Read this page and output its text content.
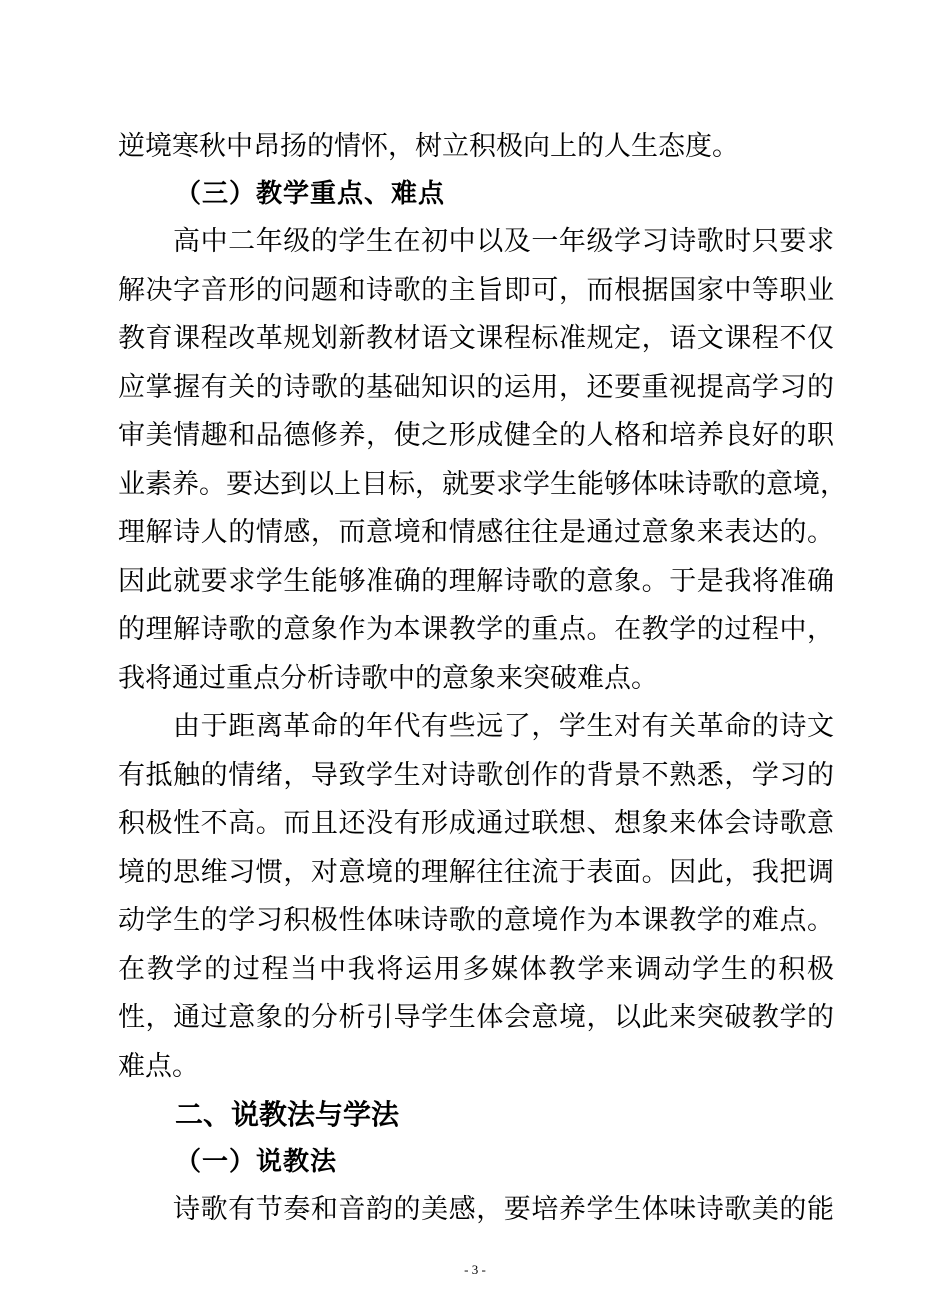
逆境寒秋中昂扬的情怀，树立积极向上的人生态度。
（三）教学重点、难点
高中二年级的学生在初中以及一年级学习诗歌时只要求
解决字音形的问题和诗歌的主旨即可，而根据国家中等职业
教育课程改革规划新教材语文课程标准规定，语文课程不仅
应掌握有关的诗歌的基础知识的运用，还要重视提高学习的
审美情趣和品德修养，使之形成健全的人格和培养良好的职
业素养。要达到以上目标，就要求学生能够体味诗歌的意境，
理解诗人的情感，而意境和情感往往是通过意象来表达的。
因此就要求学生能够准确的理解诗歌的意象。于是我将准确
的理解诗歌的意象作为本课教学的重点。在教学的过程中，
我将通过重点分析诗歌中的意象来突破难点。
由于距离革命的年代有些远了，学生对有关革命的诗文
有抵触的情绪，导致学生对诗歌创作的背景不熟悉，学习的
积极性不高。而且还没有形成通过联想、想象来体会诗歌意
境的思维习惯，对意境的理解往往流于表面。因此，我把调
动学生的学习积极性体味诗歌的意境作为本课教学的难点。
在教学的过程当中我将运用多媒体教学来调动学生的积极
性，通过意象的分析引导学生体会意境，以此来突破教学的
难点。
二、说教法与学法
（一）说教法
诗歌有节奏和音韵的美感，要培养学生体味诗歌美的能
- 3 -
